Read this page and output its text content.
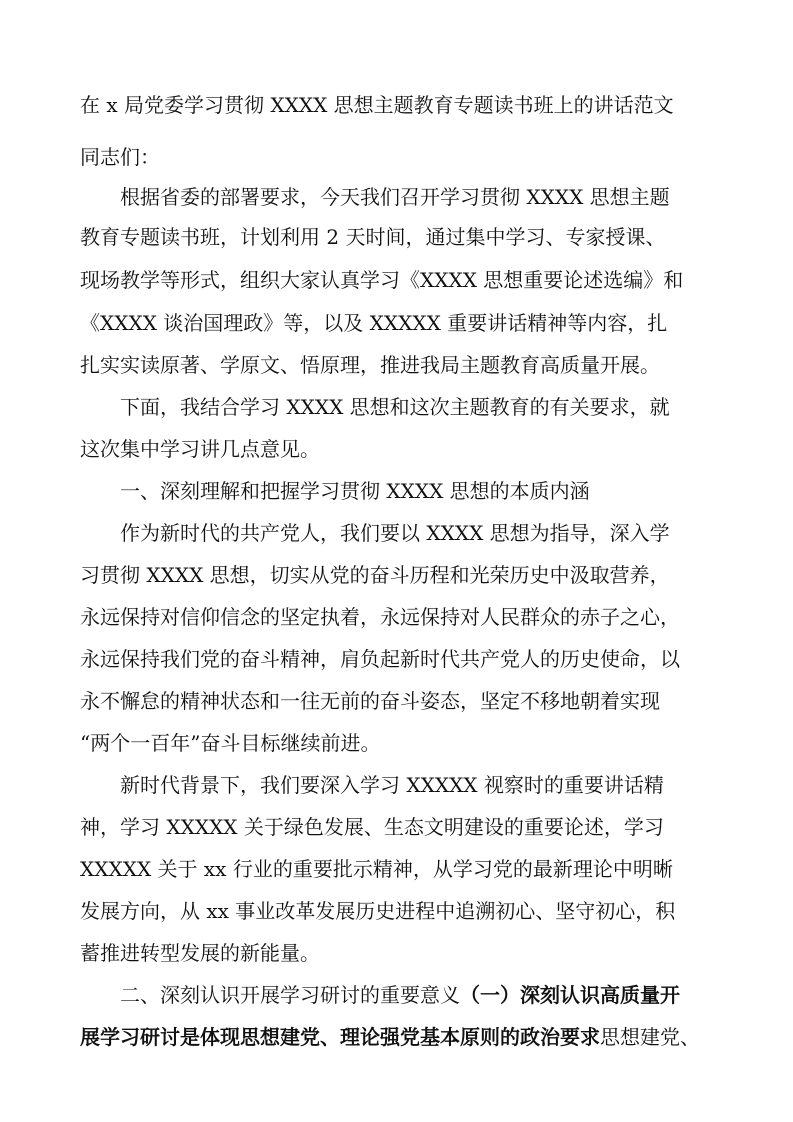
在 x 局党委学习贯彻 XXXX 思想主题教育专题读书班上的讲话范文
同志们：
根据省委的部署要求，今天我们召开学习贯彻 XXXX 思想主题
教育专题读书班，计划利用 2 天时间，通过集中学习、专家授课、
现场教学等形式，组织大家认真学习《XXXX 思想重要论述选编》和
《XXXX 谈治国理政》等，以及 XXXXX 重要讲话精神等内容，扎
扎实实读原著、学原文、悟原理，推进我局主题教育高质量开展。
下面，我结合学习 XXXX 思想和这次主题教育的有关要求，就
这次集中学习讲几点意见。
一、深刻理解和把握学习贯彻 XXXX 思想的本质内涵
作为新时代的共产党人，我们要以 XXXX 思想为指导，深入学
习贯彻 XXXX 思想，切实从党的奋斗历程和光荣历史中汲取营养，
永远保持对信仰信念的坚定执着，永远保持对人民群众的赤子之心，
永远保持我们党的奋斗精神，肩负起新时代共产党人的历史使命，以
永不懈怠的精神状态和一往无前的奋斗姿态，坚定不移地朝着实现
“两个一百年”奋斗目标继续前进。
新时代背景下，我们要深入学习 XXXXX 视察时的重要讲话精
神，学习 XXXXX 关于绿色发展、生态文明建设的重要论述，学习
XXXXX 关于 xx 行业的重要批示精神，从学习党的最新理论中明晰
发展方向，从 xx 事业改革发展历史进程中追溯初心、坚守初心，积
蓄推进转型发展的新能量。
二、深刻认识开展学习研讨的重要意义（一）深刻认识高质量开
展学习研讨是体现思想建党、理论强党基本原则的政治要求思想建党、
